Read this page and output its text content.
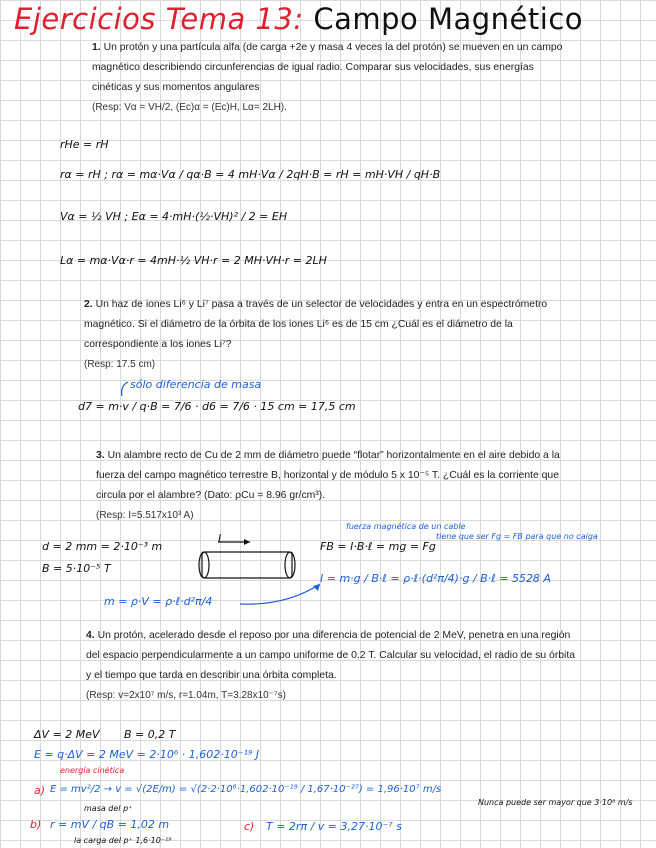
Ejercicios Tema 13: Campo Magnético

1. Un protón y una partícula alfa (de carga +2e y masa 4 veces la del protón) se mueven en un campo magnético describiendo circunferencias de igual radio. Comparar sus velocidades, sus energías cinéticas y sus momentos angulares

(Resp: Vα = VH/2, (Ec)α = (Ec)H, Lα= 2LH).

rHe = rH
rα = rH ; rα = mα·Vα / qα·B = 4 mH·Vα / 2qH·B = rH = mH·VH / qH·B
Vα = ½ VH ; Eα = 4·mH·(½·VH)² / 2 = EH
Lα = mα·Vα·r = 4mH·½ VH·r = 2 MH·VH·r = 2LH

2. Un haz de iones Li⁶ y Li⁷ pasa a través de un selector de velocidades y entra en un espectrómetro magnético. Si el diámetro de la órbita de los iones Li⁶ es de 15 cm ¿Cuál es el diámetro de la correspondiente a los iones Li⁷?

(Resp: 17.5 cm)

sólo diferencia de masa
d7 = m·v / q·B = 7/6 · d6 = 7/6 · 15 cm = 17,5 cm

3. Un alambre recto de Cu de 2 mm de diámetro puede “flotar” horizontalmente en el aire debido a la fuerza del campo magnético terrestre B, horizontal y de módulo 5 x 10⁻⁵ T. ¿Cuál es la corriente que circula por el alambre? (Dato: ρCu = 8.96 gr/cm³).

(Resp: I=5.517x10³ A)

d = 2 mm = 2·10⁻³ m
B = 5·10⁻⁵ T
I
fuerza magnética de un cable
FB = I·B·ℓ = mg = Fg
tiene que ser Fg = FB para que no caiga
I = m·g / B·ℓ = ρ·ℓ·(d²π/4)·g / B·ℓ = 5528 A
m = ρ·V = ρ·ℓ·d²π/4

4. Un protón, acelerado desde el reposo por una diferencia de potencial de 2 MeV, penetra en una región del espacio perpendicularmente a un campo uniforme de 0.2 T. Calcular su velocidad, el radio de su órbita y el tiempo que tarda en describir una órbita completa.

(Resp: v=2x10⁷ m/s, r=1.04m, T=3.28x10⁻⁷s)

ΔV = 2 MeV B = 0,2 T
E = q·ΔV = 2 MeV = 2·10⁶ · 1,602·10⁻¹⁹ J
energía cinética
a) E = mv²/2 → v = √(2E/m) = √(2·2·10⁶·1,602·10⁻¹⁹ / 1,67·10⁻²⁷) = 1,96·10⁷ m/s
Nunca puede ser mayor que 3·10⁸ m/s
masa del p⁺
b) r = mV / qB = 1,02 m
la carga del p⁺ 1,6·10⁻¹⁹
c) T = 2rπ / v = 3,27·10⁻⁷ s
